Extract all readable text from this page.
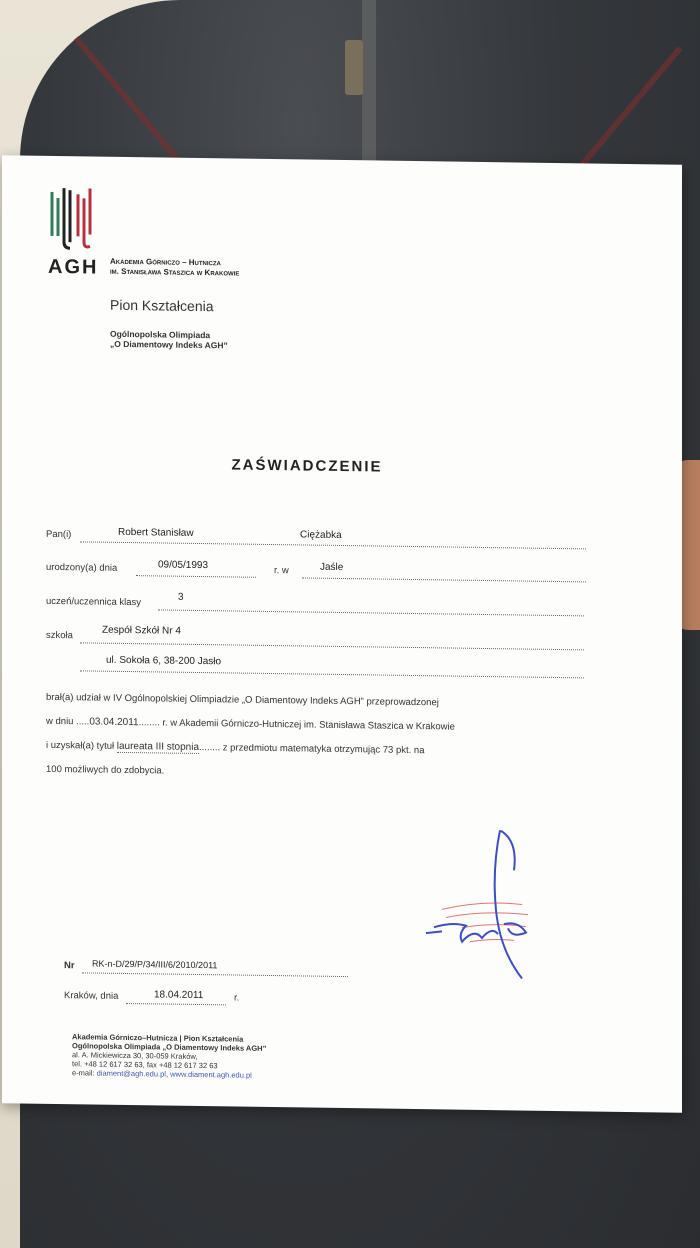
AGH Akademia Górniczo – Hutnicza
im. Stanisława Staszica w Krakowie
Pion Kształcenia
Ogólnopolska Olimpiada
„O Diamentowy Indeks AGH”
ZAŚWIADCZENIE
Pan(i)	Robert Stanisław	Ciężabka
urodzony(a) dnia	09/05/1993	r. w	Jaśle
uczeń/uczennica klasy	3
szkoła	Zespół Szkół Nr 4
ul. Sokoła 6, 38-200 Jasło
brał(a) udział w IV Ogólnopolskiej Olimpiadzie „O Diamentowy Indeks AGH” przeprowadzonej
w dniu .....03.04.2011........ r. w Akademii Górniczo-Hutniczej im. Stanisława Staszica w Krakowie
i uzyskał(a) tytuł laureata III stopnia........ z przedmiotu matematyka otrzymując 73 pkt. na
100 możliwych do zdobycia.
Nr RK-n-D/29/P/34/III/6/2010/2011
Kraków, dnia	18.04.2011	r.
Akademia Górniczo–Hutnicza | Pion Kształcenia
Ogólnopolska Olimpiada „O Diamentowy Indeks AGH”
al. A. Mickiewicza 30, 30-059 Kraków,
tel. +48 12 617 32 63, fax +48 12 617 32 63
e-mail: diament@agh.edu.pl, www.diament.agh.edu.pl
